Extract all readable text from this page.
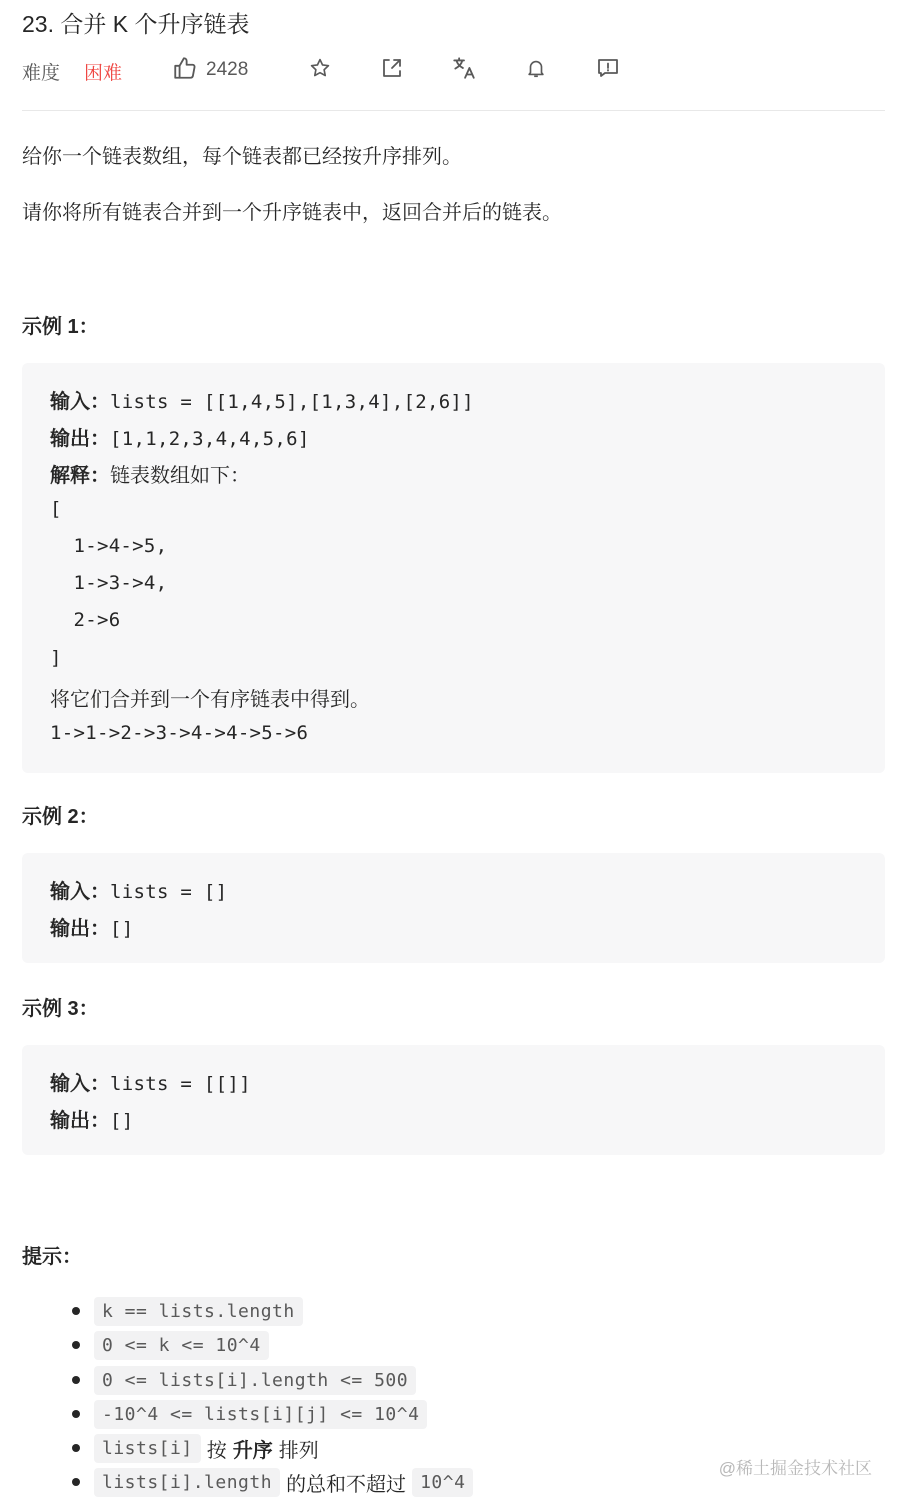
23. 合并 K 个升序链表
难度 困难	2428
给你一个链表数组，每个链表都已经按升序排列。
请你将所有链表合并到一个升序链表中，返回合并后的链表。
示例 1：
输入：lists = [[1,4,5],[1,3,4],[2,6]]
输出：[1,1,2,3,4,4,5,6]
解释：链表数组如下：
[
1->4->5,
1->3->4,
2->6
]
将它们合并到一个有序链表中得到。
1->1->2->3->4->4->5->6
示例 2：
输入：lists = []
输出：[]
示例 3：
输入：lists = [[]]
输出：[]
提示：
k == lists.length
0 <= k <= 10^4
0 <= lists[i].length <= 500
-10^4 <= lists[i][j] <= 10^4
lists[i] 按 升序 排列
lists[i].length 的总和不超过 10^4
@稀土掘金技术社区
